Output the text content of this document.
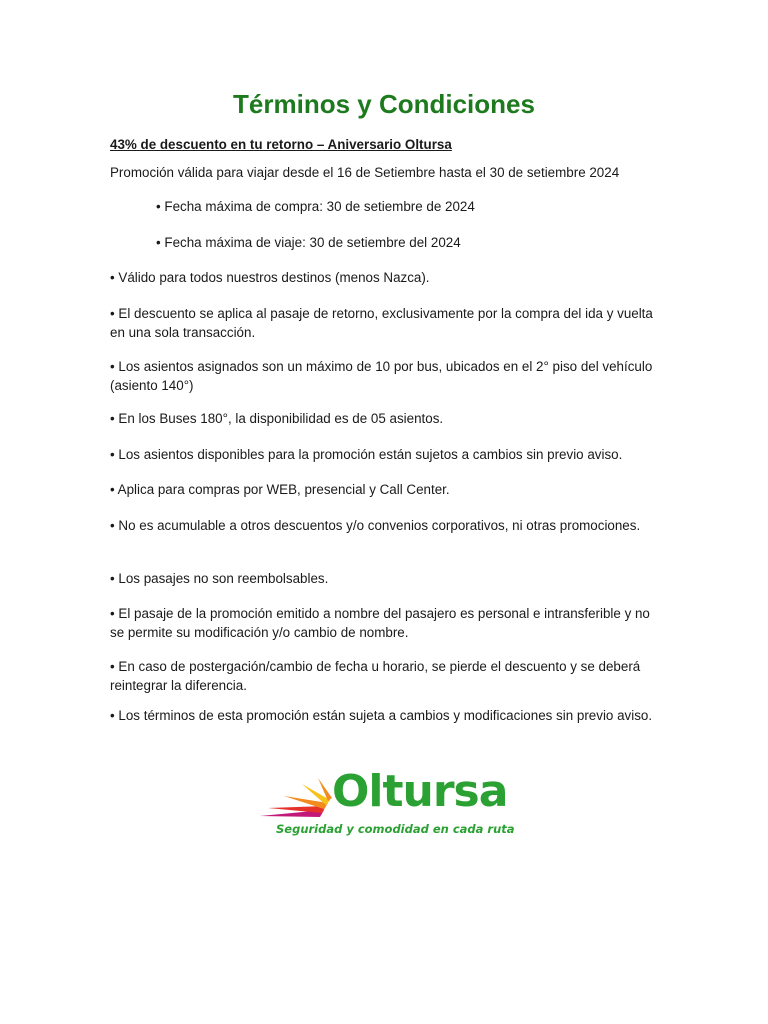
Términos y Condiciones

43% de descuento en tu retorno – Aniversario Oltursa

Promoción válida para viajar desde el 16 de Setiembre hasta el 30 de setiembre 2024

• Fecha máxima de compra: 30 de setiembre de 2024

• Fecha máxima de viaje: 30 de setiembre del 2024

• Válido para todos nuestros destinos (menos Nazca).

• El descuento se aplica al pasaje de retorno, exclusivamente por la compra del ida y vuelta en una sola transacción.

• Los asientos asignados son un máximo de 10 por bus, ubicados en el 2° piso del vehículo (asiento 140°)

• En los Buses 180°, la disponibilidad es de 05 asientos.

• Los asientos disponibles para la promoción están sujetos a cambios sin previo aviso.

• Aplica para compras por WEB, presencial y Call Center.

• No es acumulable a otros descuentos y/o convenios corporativos, ni otras promociones.

• Los pasajes no son reembolsables.

• El pasaje de la promoción emitido a nombre del pasajero es personal e intransferible y no se permite su modificación y/o cambio de nombre.

• En caso de postergación/cambio de fecha u horario, se pierde el descuento y se deberá reintegrar la diferencia.

• Los términos de esta promoción están sujeta a cambios y modificaciones sin previo aviso.

Oltursa
Seguridad y comodidad en cada ruta
